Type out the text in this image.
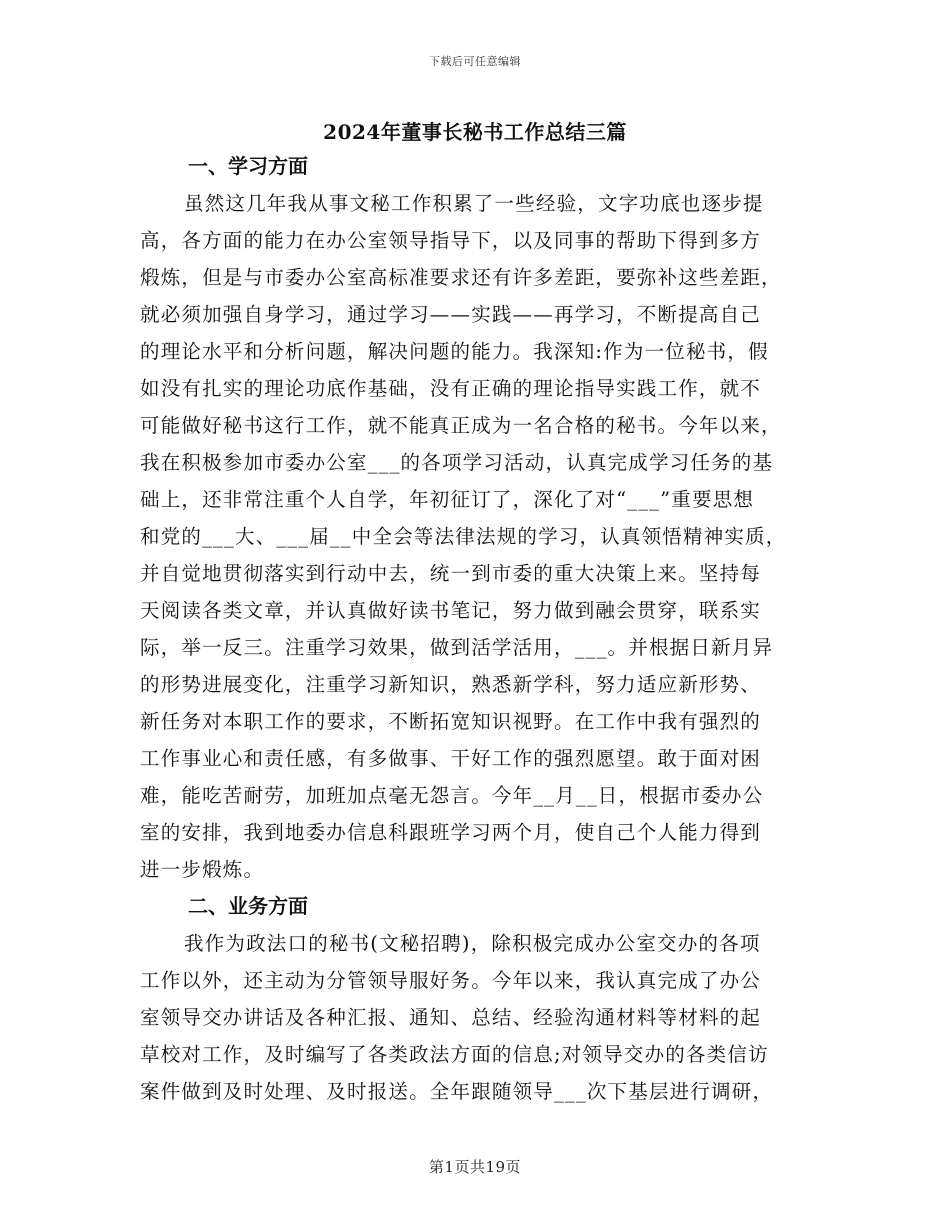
下载后可任意编辑
2024年董事长秘书工作总结三篇
一、学习方面
虽然这几年我从事文秘工作积累了一些经验，文字功底也逐步提
高，各方面的能力在办公室领导指导下，以及同事的帮助下得到多方
煅炼，但是与市委办公室高标准要求还有许多差距，要弥补这些差距，
就必须加强自身学习，通过学习——实践——再学习，不断提高自己
的理论水平和分析问题，解决问题的能力。我深知:作为一位秘书，假
如没有扎实的理论功底作基础，没有正确的理论指导实践工作，就不
可能做好秘书这行工作，就不能真正成为一名合格的秘书。今年以来，
我在积极参加市委办公室___的各项学习活动，认真完成学习任务的基
础上，还非常注重个人自学，年初征订了，深化了对“___”重要思想
和党的___大、___届__中全会等法律法规的学习，认真领悟精神实质，
并自觉地贯彻落实到行动中去，统一到市委的重大决策上来。坚持每
天阅读各类文章，并认真做好读书笔记，努力做到融会贯穿，联系实
际，举一反三。注重学习效果，做到活学活用，___。并根据日新月异
的形势进展变化，注重学习新知识，熟悉新学科，努力适应新形势、
新任务对本职工作的要求，不断拓宽知识视野。在工作中我有强烈的
工作事业心和责任感，有多做事、干好工作的强烈愿望。敢于面对困
难，能吃苦耐劳，加班加点毫无怨言。今年__月__日，根据市委办公
室的安排，我到地委办信息科跟班学习两个月，使自己个人能力得到
进一步煅炼。
二、业务方面
我作为政法口的秘书(文秘招聘)，除积极完成办公室交办的各项
工作以外，还主动为分管领导服好务。今年以来，我认真完成了办公
室领导交办讲话及各种汇报、通知、总结、经验沟通材料等材料的起
草校对工作，及时编写了各类政法方面的信息;对领导交办的各类信访
案件做到及时处理、及时报送。全年跟随领导___次下基层进行调研，
第1页共19页
